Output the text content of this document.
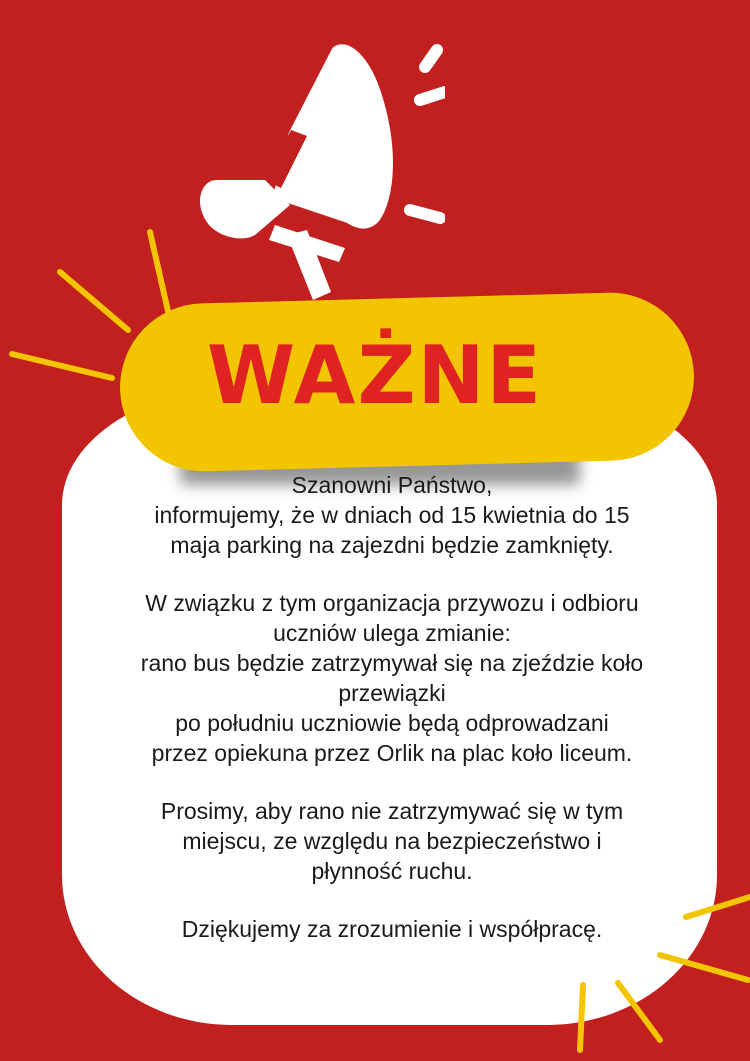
WAŻNE

Szanowni Państwo,

informujemy, że w dniach od 15 kwietnia do 15

maja parking na zajezdni będzie zamknięty.

W związku z tym organizacja przywozu i odbioru

uczniów ulega zmianie:

rano bus będzie zatrzymywał się na zjeździe koło

przewiązki

po południu uczniowie będą odprowadzani

przez opiekuna przez Orlik na plac koło liceum.

Prosimy, aby rano nie zatrzymywać się w tym

miejscu, ze względu na bezpieczeństwo i

płynność ruchu.

Dziękujemy za zrozumienie i współpracę.
